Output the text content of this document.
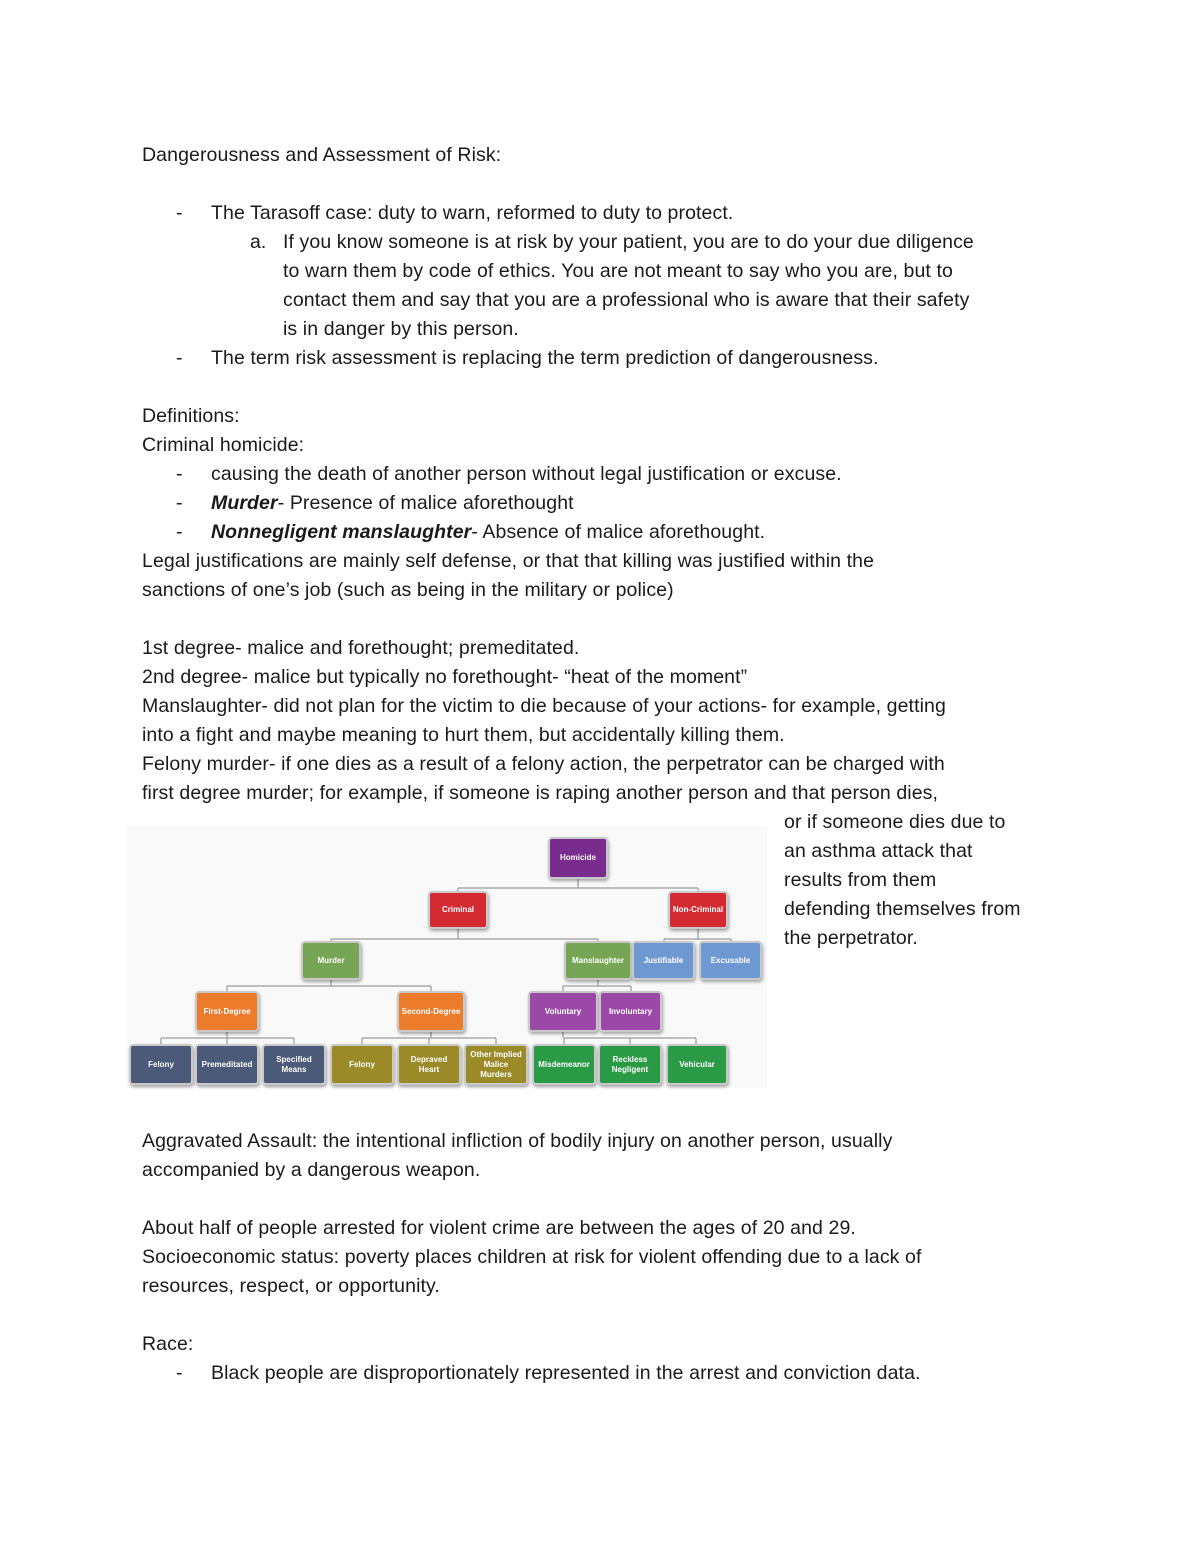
Dangerousness and Assessment of Risk:
- The Tarasoff case: duty to warn, reformed to duty to protect.
a. If you know someone is at risk by your patient, you are to do your due diligence
to warn them by code of ethics. You are not meant to say who you are, but to
contact them and say that you are a professional who is aware that their safety
is in danger by this person.
- The term risk assessment is replacing the term prediction of dangerousness.
Definitions:
Criminal homicide:
- causing the death of another person without legal justification or excuse.
- Murder- Presence of malice aforethought
- Nonnegligent manslaughter- Absence of malice aforethought.
Legal justifications are mainly self defense, or that that killing was justified within the
sanctions of one’s job (such as being in the military or police)
1st degree- malice and forethought; premeditated.
2nd degree- malice but typically no forethought- “heat of the moment”
Manslaughter- did not plan for the victim to die because of your actions- for example, getting
into a fight and maybe meaning to hurt them, but accidentally killing them.
Felony murder- if one dies as a result of a felony action, the perpetrator can be charged with
first degree murder; for example, if someone is raping another person and that person dies,
or if someone dies due to
an asthma attack that
results from them
defending themselves from
the perpetrator.
Homicide
Criminal	Non-Criminal
Murder	Manslaughter	Justifiable	Excusable
First-Degree	Second-Degree	Voluntary	Involuntary
Felony	Premeditated
Specified Means
Felony
Depraved Heart
Other Implied Malice Murders
Misdemeanor
Reckless Negligent
Vehicular
Aggravated Assault: the intentional infliction of bodily injury on another person, usually
accompanied by a dangerous weapon.
About half of people arrested for violent crime are between the ages of 20 and 29.
Socioeconomic status: poverty places children at risk for violent offending due to a lack of
resources, respect, or opportunity.
Race:
- Black people are disproportionately represented in the arrest and conviction data.
